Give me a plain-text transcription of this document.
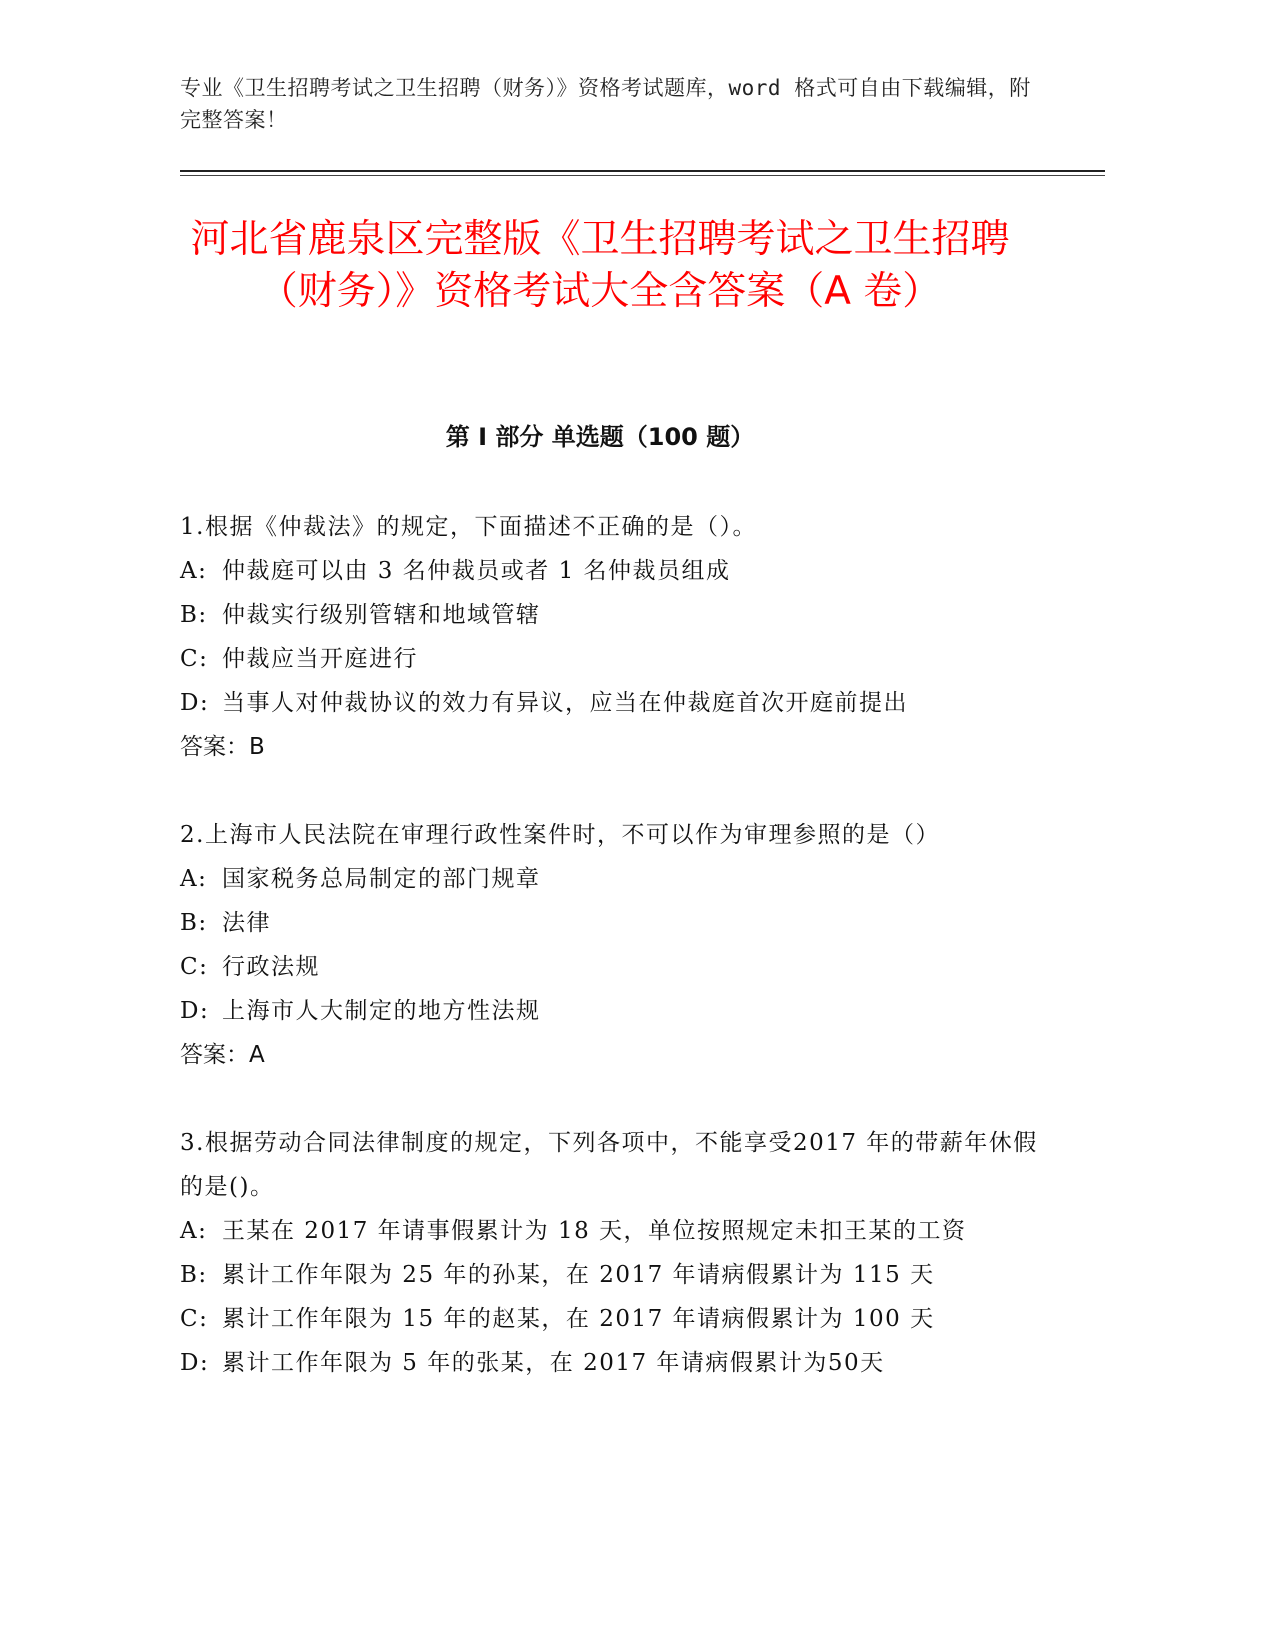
专业《卫生招聘考试之卫生招聘（财务）》资格考试题库，word 格式可自由下载编辑，附完整答案！
河北省鹿泉区完整版《卫生招聘考试之卫生招聘（财务）》资格考试大全含答案（A 卷）
第 I 部分 单选题（100 题）
1.根据《仲裁法》的规定，下面描述不正确的是（）。
A: 仲裁庭可以由 3 名仲裁员或者 1 名仲裁员组成
B: 仲裁实行级别管辖和地域管辖
C: 仲裁应当开庭进行
D: 当事人对仲裁协议的效力有异议，应当在仲裁庭首次开庭前提出
答案：B
2.上海市人民法院在审理行政性案件时，不可以作为审理参照的是（）
A: 国家税务总局制定的部门规章
B: 法律
C: 行政法规
D: 上海市人大制定的地方性法规
答案：A
3.根据劳动合同法律制度的规定，下列各项中，不能享受2017 年的带薪年休假的是()。
A: 王某在 2017 年请事假累计为 18 天，单位按照规定未扣王某的工资
B: 累计工作年限为 25 年的孙某，在 2017 年请病假累计为 115 天
C: 累计工作年限为 15 年的赵某，在 2017 年请病假累计为 100 天
D: 累计工作年限为 5 年的张某，在 2017 年请病假累计为50天
